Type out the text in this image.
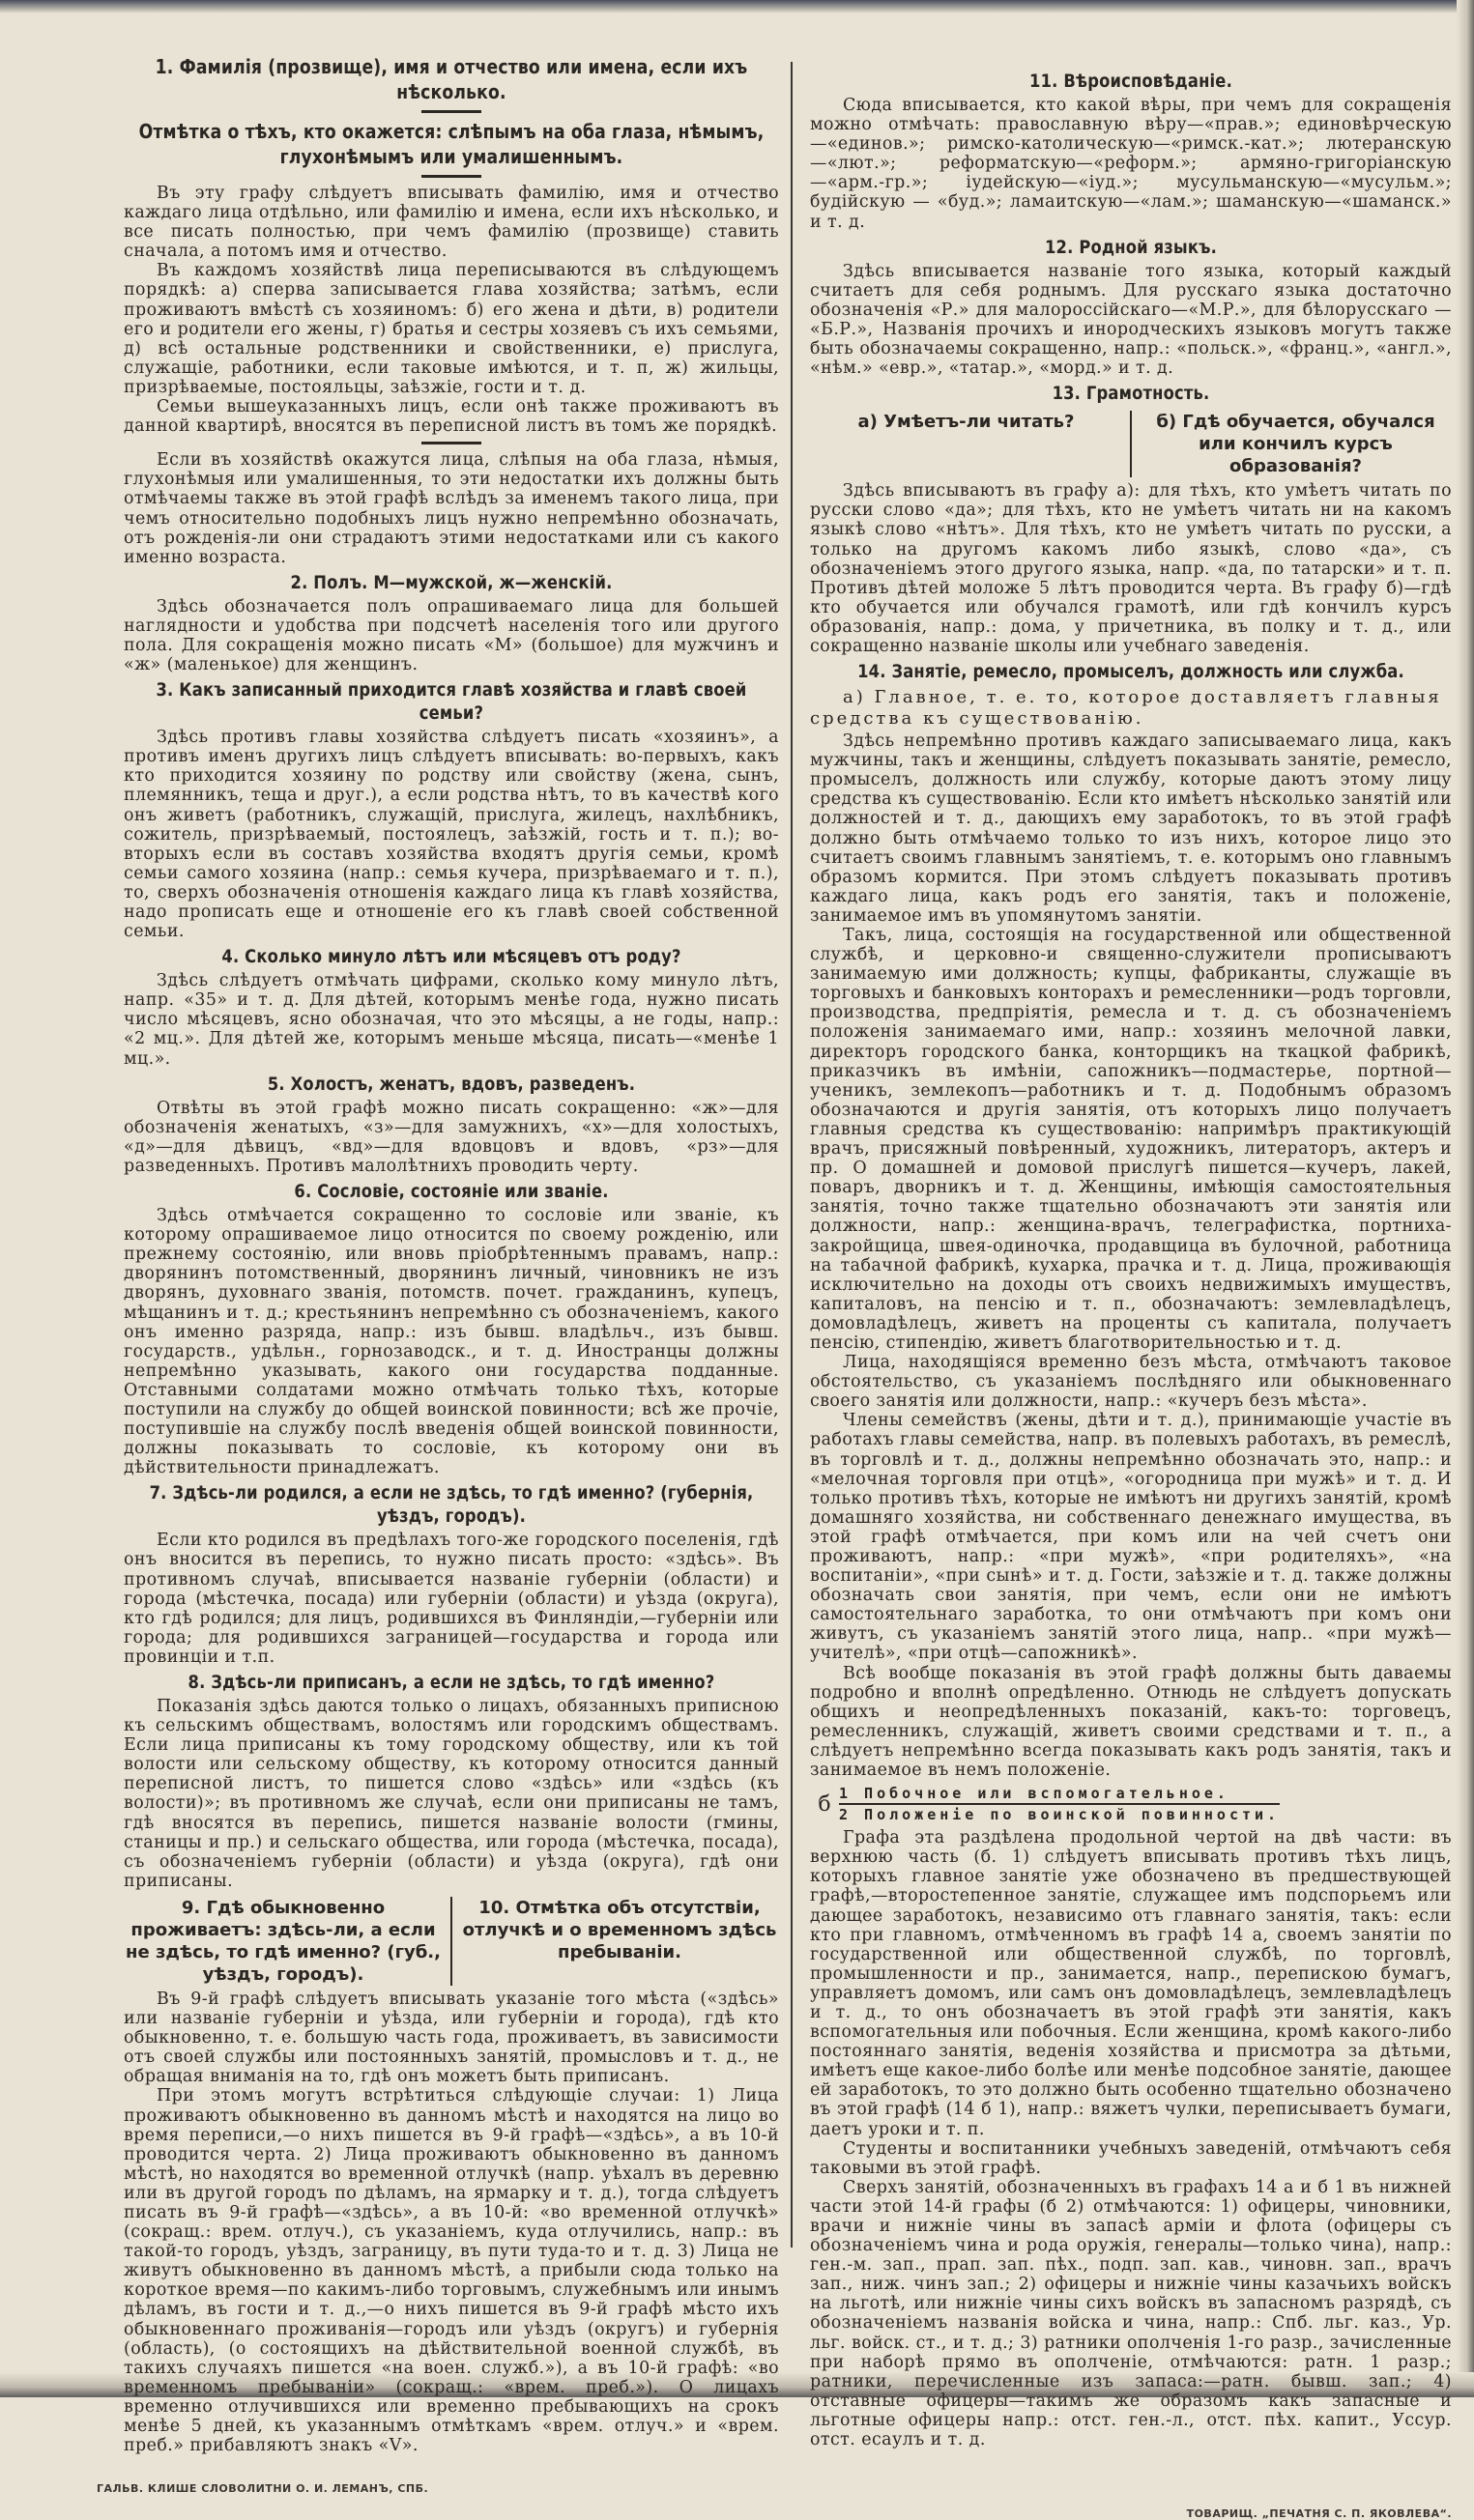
1. Фамилія (прозвище), имя и отчество или имена, если ихъ нѣсколько.
Отмѣтка о тѣхъ, кто окажется: слѣпымъ на оба глаза, нѣмымъ, глухонѣмымъ или умалишеннымъ.

Въ эту графу слѣдуетъ вписывать фамилію, имя и отчество каждаго лица отдѣльно, или фамилію и имена, если ихъ нѣсколько, и все писать полностью, при чемъ фамилію (прозвище) ставить сначала, а потомъ имя и отчество.

Въ каждомъ хозяйствѣ лица переписываются въ слѣдующемъ порядкѣ: а) сперва записывается глава хозяйства; затѣмъ, если проживаютъ вмѣстѣ съ хозяиномъ: б) его жена и дѣти, в) родители его и родители его жены, г) братья и сестры хозяевъ съ ихъ семьями, д) всѣ остальные родственники и свойственники, е) прислуга, служащіе, работники, если таковые имѣются, и т. п, ж) жильцы, призрѣваемые, постояльцы, заѣзжіе, гости и т. д.

Семьи вышеуказанныхъ лицъ, если онѣ также проживаютъ въ данной квартирѣ, вносятся въ переписной листъ въ томъ же порядкѣ.

Если въ хозяйствѣ окажутся лица, слѣпыя на оба глаза, нѣмыя, глухонѣмыя или умалишенныя, то эти недостатки ихъ должны быть отмѣчаемы также въ этой графѣ вслѣдъ за именемъ такого лица, при чемъ относительно подобныхъ лицъ нужно непремѣнно обозначать, отъ рожденія-ли они страдаютъ этими недостатками или съ какого именно возраста.

2. Полъ. М—мужской, ж—женскій.

Здѣсь обозначается полъ опрашиваемаго лица для большей наглядности и удобства при подсчетѣ населенія того или другого пола. Для сокращенія можно писать «М» (большое) для мужчинъ и «ж» (маленькое) для женщинъ.

3. Какъ записанный приходится главѣ хозяйства и главѣ своей семьи?

Здѣсь противъ главы хозяйства слѣдуетъ писать «хозяинъ», а противъ именъ другихъ лицъ слѣдуетъ вписывать: во-первыхъ, какъ кто приходится хозяину по родству или свойству (жена, сынъ, племянникъ, теща и друг.), а если родства нѣтъ, то въ качествѣ кого онъ живетъ (работникъ, служащій, прислуга, жилецъ, нахлѣбникъ, сожитель, призрѣваемый, постоялецъ, заѣзжій, гость и т. п.); во-вторыхъ если въ составъ хозяйства входятъ другія семьи, кромѣ семьи самого хозяина (напр.: семья кучера, призрѣваемаго и т. п.), то, сверхъ обозначенія отношенія каждаго лица къ главѣ хозяйства, надо прописать еще и отношеніе его къ главѣ своей собственной семьи.

4. Сколько минуло лѣтъ или мѣсяцевъ отъ роду?

Здѣсь слѣдуетъ отмѣчать цифрами, сколько кому минуло лѣтъ, напр. «35» и т. д. Для дѣтей, которымъ менѣе года, нужно писать число мѣсяцевъ, ясно обозначая, что это мѣсяцы, а не годы, напр.: «2 мц.». Для дѣтей же, которымъ меньше мѣсяца, писать—«менѣе 1 мц.».

5. Холостъ, женатъ, вдовъ, разведенъ.

Отвѣты въ этой графѣ можно писать сокращенно: «ж»—для обозначенія женатыхъ, «з»—для замужнихъ, «х»—для холостыхъ, «д»—для дѣвицъ, «вд»—для вдовцовъ и вдовъ, «рз»—для разведенныхъ. Противъ малолѣтнихъ проводить черту.

6. Сословіе, состояніе или званіе.

Здѣсь отмѣчается сокращенно то сословіе или званіе, къ которому опрашиваемое лицо относится по своему рожденію, или прежнему состоянію, или вновь пріобрѣтеннымъ правамъ, напр.: дворянинъ потомственный, дворянинъ личный, чиновникъ не изъ дворянъ, духовнаго званія, потомств. почет. гражданинъ, купецъ, мѣщанинъ и т. д.; крестьянинъ непремѣнно съ обозначеніемъ, какого онъ именно разряда, напр.: изъ бывш. владѣльч., изъ бывш. государств., удѣльн., горнозаводск., и т. д. Иностранцы должны непремѣнно указывать, какого они государства подданные. Отставными солдатами можно отмѣчать только тѣхъ, которые поступили на службу до общей воинской повинности; всѣ же прочіе, поступившіе на службу послѣ введенія общей воинской повинности, должны показывать то сословіе, къ которому они въ дѣйствительности принадлежатъ.

7. Здѣсь-ли родился, а если не здѣсь, то гдѣ именно? (губернія, уѣздъ, городъ).

Если кто родился въ предѣлахъ того-же городского поселенія, гдѣ онъ вносится въ перепись, то нужно писать просто: «здѣсь». Въ противномъ случаѣ, вписывается названіе губерніи (области) и города (мѣстечка, посада) или губерніи (области) и уѣзда (округа), кто гдѣ родился; для лицъ, родившихся въ Финляндіи,—губерніи или города; для родившихся заграницей—государства и города или провинціи и т.п.

8. Здѣсь-ли приписанъ, а если не здѣсь, то гдѣ именно?

Показанія здѣсь даются только о лицахъ, обязанныхъ приписною къ сельскимъ обществамъ, волостямъ или городскимъ обществамъ. Если лица приписаны къ тому городскому обществу, или къ той волости или сельскому обществу, къ которому относится данный переписной листъ, то пишется слово «здѣсь» или «здѣсь (къ волости)»; въ противномъ же случаѣ, если они приписаны не тамъ, гдѣ вносятся въ перепись, пишется названіе волости (гмины, станицы и пр.) и сельскаго общества, или города (мѣстечка, посада), съ обозначеніемъ губерніи (области) и уѣзда (округа), гдѣ они приписаны.

9. Гдѣ обыкновенно проживаетъ: здѣсь-ли, а если не здѣсь, то гдѣ именно? (губ., уѣздъ, городъ).
10. Отмѣтка объ отсутствіи, отлучкѣ и о временномъ здѣсь пребываніи.

Въ 9-й графѣ слѣдуетъ вписывать указаніе того мѣста («здѣсь» или названіе губерніи и уѣзда, или губерніи и города), гдѣ кто обыкновенно, т. е. большую часть года, проживаетъ, въ зависимости отъ своей службы или постоянныхъ занятій, промысловъ и т. д., не обращая вниманія на то, гдѣ онъ можетъ быть приписанъ.

При этомъ могутъ встрѣтиться слѣдующіе случаи: 1) Лица проживаютъ обыкновенно въ данномъ мѣстѣ и находятся на лицо во время переписи,—о нихъ пишется въ 9-й графѣ—«здѣсь», а въ 10-й проводится черта. 2) Лица проживаютъ обыкновенно въ данномъ мѣстѣ, но находятся во временной отлучкѣ (напр. уѣхалъ въ деревню или въ другой городъ по дѣламъ, на ярмарку и т. д.), тогда слѣдуетъ писать въ 9-й графѣ—«здѣсь», а въ 10-й: «во временной отлучкѣ» (сокращ.: врем. отлуч.), съ указаніемъ, куда отлучились, напр.: въ такой-то городъ, уѣздъ, заграницу, въ пути туда-то и т. д. 3) Лица не живутъ обыкновенно въ данномъ мѣстѣ, а прибыли сюда только на короткое время—по какимъ-либо торговымъ, служебнымъ или инымъ дѣламъ, въ гости и т. д.,—о нихъ пишется въ 9-й графѣ мѣсто ихъ обыкновеннаго проживанія—городъ или уѣздъ (округъ) и губернія (область), (о состоящихъ на дѣйствительной военной службѣ, въ такихъ случаяхъ пишется «на воен. служб.»), а въ 10-й графѣ: «во временномъ пребываніи» (сокращ.: «врем. преб.»). О лицахъ временно отлучившихся или временно пребывающихъ на срокъ менѣе 5 дней, къ указаннымъ отмѣткамъ «врем. отлуч.» и «врем. преб.» прибавляютъ знакъ «V».

ГАЛЬВ. КЛИШЕ СЛОВОЛИТНИ О. И. ЛЕМАНЪ, СПБ.
11. Вѣроисповѣданіе.

Сюда вписывается, кто какой вѣры, при чемъ для сокращенія можно отмѣчать: православную вѣру—«прав.»; единовѣрческую—«единов.»; римско-католическую—«римск.-кат.»; лютеранскую—«лют.»; реформатскую—«реформ.»; армяно-григоріанскую—«арм.-гр.»; іудейскую—«іуд.»; мусульманскую—«мусульм.»; будійскую — «буд.»; ламаитскую—«лам.»; шаманскую—«шаманск.» и т. д.

12. Родной языкъ.

Здѣсь вписывается названіе того языка, который каждый считаетъ для себя роднымъ. Для русскаго языка достаточно обозначенія «Р.» для малороссійскаго—«М.Р.», для бѣлорусскаго — «Б.Р.», Названія прочихъ и инородческихъ языковъ могутъ также быть обозначаемы сокращенно, напр.: «польск.», «франц.», «англ.», «нѣм.» «евр.», «татар.», «морд.» и т. д.

13. Грамотность.
а) Умѣетъ-ли читать?	б) Гдѣ обучается, обучался или кончилъ курсъ образованія?

Здѣсь вписываютъ въ графу а): для тѣхъ, кто умѣетъ читать по русски слово «да»; для тѣхъ, кто не умѣетъ читать ни на какомъ языкѣ слово «нѣтъ». Для тѣхъ, кто не умѣетъ читать по русски, а только на другомъ какомъ либо языкѣ, слово «да», съ обозначеніемъ этого другого языка, напр. «да, по татарски» и т. п. Противъ дѣтей моложе 5 лѣтъ проводится черта. Въ графу б)—гдѣ кто обучается или обучался грамотѣ, или гдѣ кончилъ курсъ образованія, напр.: дома, у причетника, въ полку и т. д., или сокращенно названіе школы или учебнаго заведенія.

14. Занятіе, ремесло, промыселъ, должность или служба.
а) Главное, т. е. то, которое доставляетъ главныя средства къ существованію.

Здѣсь непремѣнно противъ каждаго записываемаго лица, какъ мужчины, такъ и женщины, слѣдуетъ показывать занятіе, ремесло, промыселъ, должность или службу, которые даютъ этому лицу средства къ существованію. Если кто имѣетъ нѣсколько занятій или должностей и т. д., дающихъ ему заработокъ, то въ этой графѣ должно быть отмѣчаемо только то изъ нихъ, которое лицо это считаетъ своимъ главнымъ занятіемъ, т. е. которымъ оно главнымъ образомъ кормится. При этомъ слѣдуетъ показывать противъ каждаго лица, какъ родъ его занятія, такъ и положеніе, занимаемое имъ въ упомянутомъ занятіи.

Такъ, лица, состоящія на государственной или общественной службѣ, и церковно-и священно-служители прописываютъ занимаемую ими должность; купцы, фабриканты, служащіе въ торговыхъ и банковыхъ конторахъ и ремесленники—родъ торговли, производства, предпріятія, ремесла и т. д. съ обозначеніемъ положенія занимаемаго ими, напр.: хозяинъ мелочной лавки, директоръ городского банка, конторщикъ на ткацкой фабрикѣ, приказчикъ въ имѣніи, сапожникъ—подмастерье, портной—ученикъ, землекопъ—работникъ и т. д. Подобнымъ образомъ обозначаются и другія занятія, отъ которыхъ лицо получаетъ главныя средства къ существованію: напримѣръ практикующій врачъ, присяжный повѣренный, художникъ, литераторъ, актеръ и пр. О домашней и домовой прислугѣ пишется—кучеръ, лакей, поваръ, дворникъ и т. д. Женщины, имѣющія самостоятельныя занятія, точно также тщательно обозначаютъ эти занятія или должности, напр.: женщина-врачъ, телеграфистка, портниха-закройщица, швея-одиночка, продавщица въ булочной, работница на табачной фабрикѣ, кухарка, прачка и т. д. Лица, проживающія исключительно на доходы отъ своихъ недвижимыхъ имуществъ, капиталовъ, на пенсію и т. п., обозначаютъ: землевладѣлецъ, домовладѣлецъ, живетъ на проценты съ капитала, получаетъ пенсію, стипендію, живетъ благотворительностью и т. д.

Лица, находящіяся временно безъ мѣста, отмѣчаютъ таковое обстоятельство, съ указаніемъ послѣдняго или обыкновеннаго своего занятія или должности, напр.: «кучеръ безъ мѣста».

Члены семействъ (жены, дѣти и т. д.), принимающіе участіе въ работахъ главы семейства, напр. въ полевыхъ работахъ, въ ремеслѣ, въ торговлѣ и т. д., должны непремѣнно обозначать это, напр.: и «мелочная торговля при отцѣ», «огородница при мужѣ» и т. д. И только противъ тѣхъ, которые не имѣютъ ни другихъ занятій, кромѣ домашняго хозяйства, ни собственнаго денежнаго имущества, въ этой графѣ отмѣчается, при комъ или на чей счетъ они проживаютъ, напр.: «при мужѣ», «при родителяхъ», «на воспитаніи», «при сынѣ» и т. д. Гости, заѣзжіе и т. д. также должны обозначать свои занятія, при чемъ, если они не имѣютъ самостоятельнаго заработка, то они отмѣчаютъ при комъ они живутъ, съ указаніемъ занятій этого лица, напр.. «при мужѣ—учителѣ», «при отцѣ—сапожникѣ».

Всѣ вообще показанія въ этой графѣ должны быть даваемы подробно и вполнѣ опредѣленно. Отнюдь не слѣдуетъ допускать общихъ и неопредѣленныхъ показаній, какъ-то: торговецъ, ремесленникъ, служащій, живетъ своими средствами и т. п., а слѣдуетъ непремѣнно всегда показывать какъ родъ занятія, такъ и занимаемое въ немъ положеніе.

б 1 Побочное или вспомогательное.
2 Положеніе по воинской повинности.

Графа эта раздѣлена продольной чертой на двѣ части: въ верхнюю часть (б. 1) слѣдуетъ вписывать противъ тѣхъ лицъ, которыхъ главное занятіе уже обозначено въ предшествующей графѣ,—второстепенное занятіе, служащее имъ подспорьемъ или дающее заработокъ, независимо отъ главнаго занятія, такъ: если кто при главномъ, отмѣченномъ въ графѣ 14 а, своемъ занятіи по государственной или общественной службѣ, по торговлѣ, промышленности и пр., занимается, напр., перепискою бумагъ, управляетъ домомъ, или самъ онъ домовладѣлецъ, землевладѣлецъ и т. д., то онъ обозначаетъ въ этой графѣ эти занятія, какъ вспомогательныя или побочныя. Если женщина, кромѣ какого-либо постояннаго занятія, веденія хозяйства и присмотра за дѣтьми, имѣетъ еще какое-либо болѣе или менѣе подсобное занятіе, дающее ей заработокъ, то это должно быть особенно тщательно обозначено въ этой графѣ (14 б 1), напр.: вяжетъ чулки, переписываетъ бумаги, даетъ уроки и т. п.

Студенты и воспитанники учебныхъ заведеній, отмѣчаютъ себя таковыми въ этой графѣ.

Сверхъ занятій, обозначенныхъ въ графахъ 14 а и б 1 въ нижней части этой 14-й графы (б 2) отмѣчаются: 1) офицеры, чиновники, врачи и нижніе чины въ запасѣ арміи и флота (офицеры съ обозначеніемъ чина и рода оружія, генералы—только чина), напр.: ген.-м. зап., прап. зап. пѣх., подп. зап. кав., чиновн. зап., врачъ зап., ниж. чинъ зап.; 2) офицеры и нижніе чины казачьихъ войскъ на льготѣ, или нижніе чины сихъ войскъ въ запасномъ разрядѣ, съ обозначеніемъ названія войска и чина, напр.: Спб. льг. каз., Ур. льг. войск. ст., и т. д.; 3) ратники ополченія 1-го разр., зачисленные при наборѣ прямо въ ополченіе, отмѣчаются: ратн. 1 разр.; ратники, перечисленные изъ запаса:—ратн. бывш. зап.; 4) отставные офицеры—такимъ же образомъ какъ запасные и льготные офицеры напр.: отст. ген.-л., отст. пѣх. капит., Уссур. отст. есаулъ и т. д.

ТОВАРИЩ. „ПЕЧАТНЯ С. П. ЯКОВЛЕВА“.
